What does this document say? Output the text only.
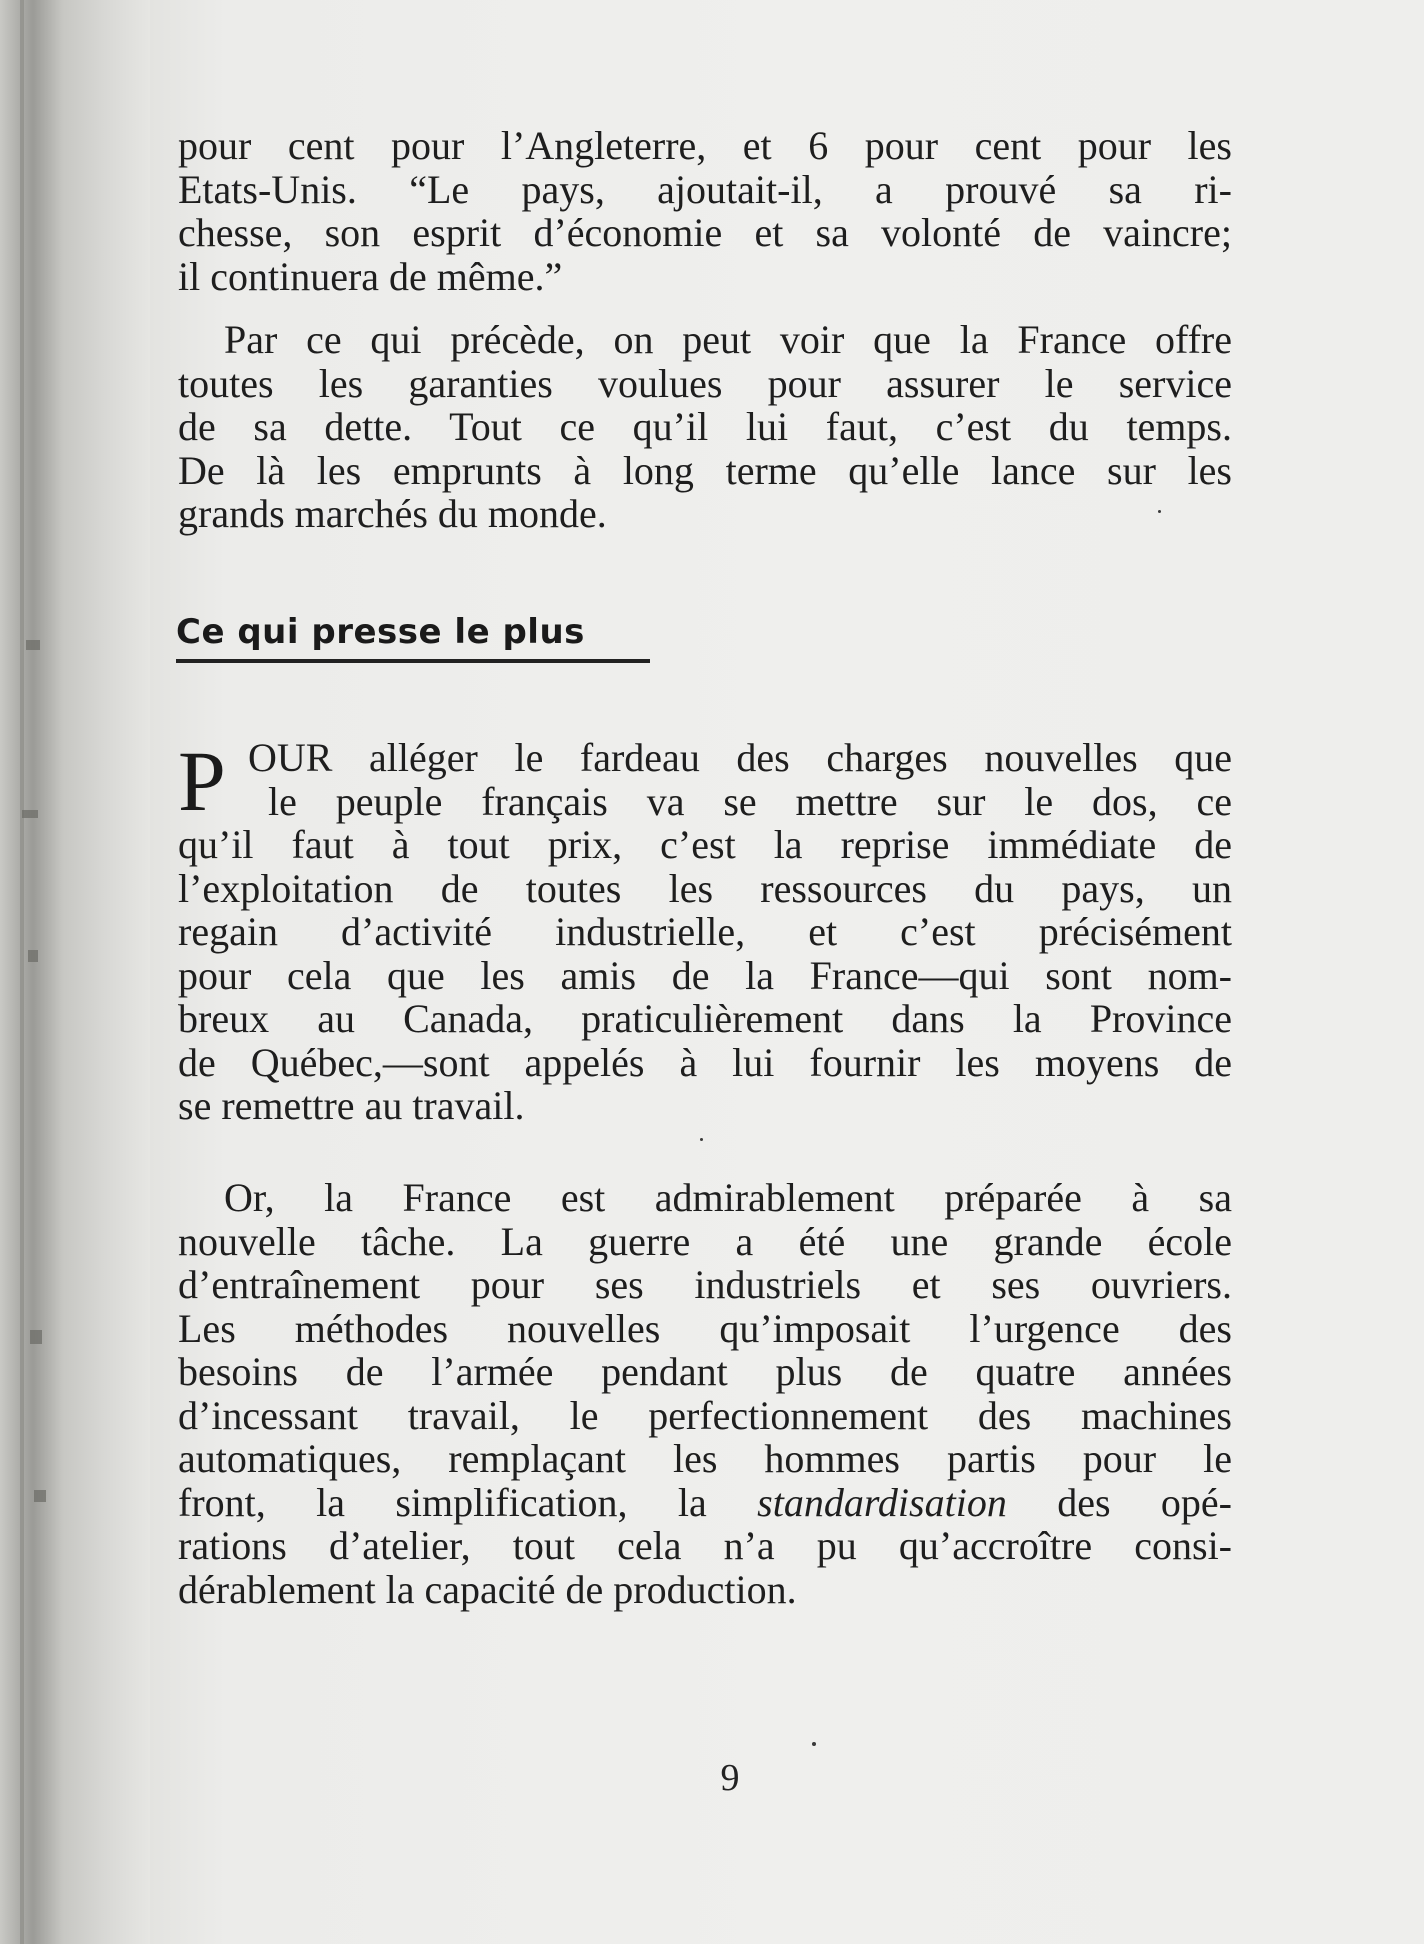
pour cent pour l’Angleterre, et 6 pour cent pour les
Etats-Unis. “Le pays, ajoutait-il, a prouvé sa ri-
chesse, son esprit d’économie et sa volonté de vaincre;
il continuera de même.”
Par ce qui précède, on peut voir que la France offre
toutes les garanties voulues pour assurer le service
de sa dette. Tout ce qu’il lui faut, c’est du temps.
De là les emprunts à long terme qu’elle lance sur les
grands marchés du monde.
Ce qui presse le plus
P OUR alléger le fardeau des charges nouvelles que
le peuple français va se mettre sur le dos, ce
qu’il faut à tout prix, c’est la reprise immédiate de
l’exploitation de toutes les ressources du pays, un
regain d’activité industrielle, et c’est précisément
pour cela que les amis de la France—qui sont nom-
breux au Canada, praticulièrement dans la Province
de Québec,—sont appelés à lui fournir les moyens de
se remettre au travail.
Or, la France est admirablement préparée à sa
nouvelle tâche. La guerre a été une grande école
d’entraînement pour ses industriels et ses ouvriers.
Les méthodes nouvelles qu’imposait l’urgence des
besoins de l’armée pendant plus de quatre années
d’incessant travail, le perfectionnement des machines
automatiques, remplaçant les hommes partis pour le
front, la simplification, la standardisation des opé-
rations d’atelier, tout cela n’a pu qu’accroître consi-
dérablement la capacité de production.
9
